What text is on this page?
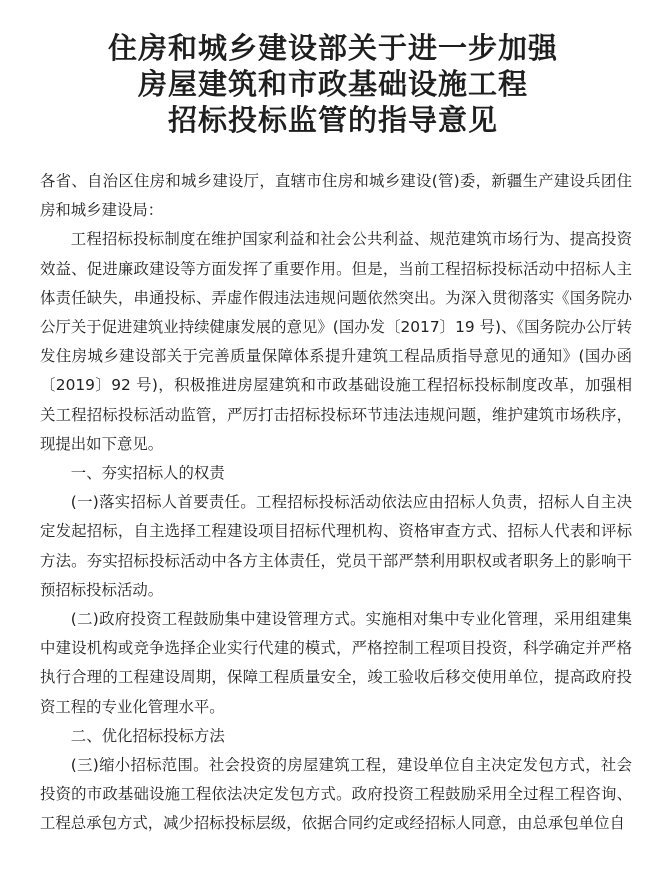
住房和城乡建设部关于进一步加强
房屋建筑和市政基础设施工程
招标投标监管的指导意见

各省、自治区住房和城乡建设厅，直辖市住房和城乡建设(管)委，新疆生产建设兵团住房和城乡建设局：

工程招标投标制度在维护国家利益和社会公共利益、规范建筑市场行为、提高投资效益、促进廉政建设等方面发挥了重要作用。但是，当前工程招标投标活动中招标人主体责任缺失，串通投标、弄虚作假违法违规问题依然突出。为深入贯彻落实《国务院办公厅关于促进建筑业持续健康发展的意见》(国办发〔2017〕19 号)、《国务院办公厅转发住房城乡建设部关于完善质量保障体系提升建筑工程品质指导意见的通知》(国办函〔2019〕92 号)，积极推进房屋建筑和市政基础设施工程招标投标制度改革，加强相关工程招标投标活动监管，严厉打击招标投标环节违法违规问题，维护建筑市场秩序，现提出如下意见。

一、夯实招标人的权责

(一)落实招标人首要责任。工程招标投标活动依法应由招标人负责，招标人自主决定发起招标，自主选择工程建设项目招标代理机构、资格审查方式、招标人代表和评标方法。夯实招标投标活动中各方主体责任，党员干部严禁利用职权或者职务上的影响干预招标投标活动。

(二)政府投资工程鼓励集中建设管理方式。实施相对集中专业化管理，采用组建集中建设机构或竞争选择企业实行代建的模式，严格控制工程项目投资，科学确定并严格执行合理的工程建设周期，保障工程质量安全，竣工验收后移交使用单位，提高政府投资工程的专业化管理水平。

二、优化招标投标方法

(三)缩小招标范围。社会投资的房屋建筑工程，建设单位自主决定发包方式，社会投资的市政基础设施工程依法决定发包方式。政府投资工程鼓励采用全过程工程咨询、工程总承包方式，减少招标投标层级，依据合同约定或经招标人同意，由总承包单位自
